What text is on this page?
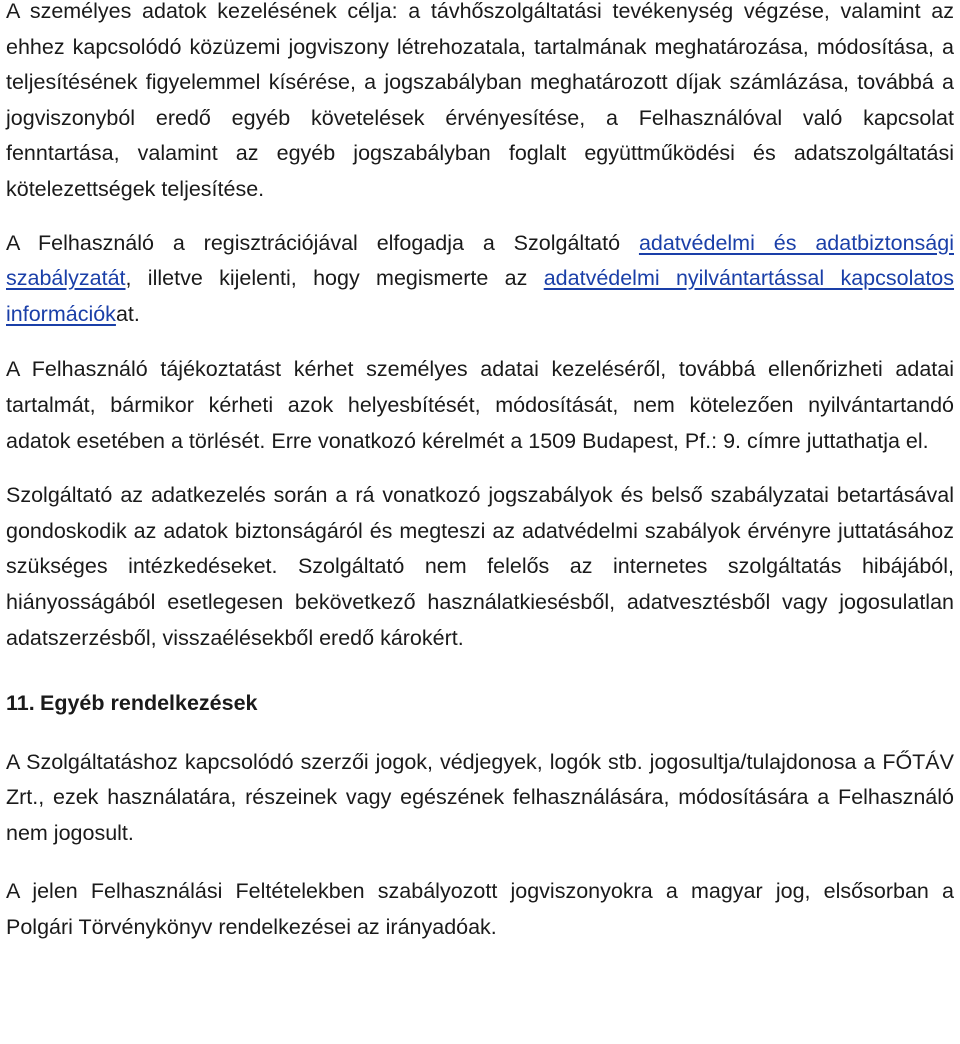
A személyes adatok kezelésének célja: a távhőszolgáltatási tevékenység végzése, valamint az ehhez kapcsolódó közüzemi jogviszony létrehozatala, tartalmának meghatározása, módosítása, a teljesítésének figyelemmel kísérése, a jogszabályban meghatározott díjak számlázása, továbbá a jogviszonyból eredő egyéb követelések érvényesítése, a Felhasználóval való kapcsolat fenntartása, valamint az egyéb jogszabályban foglalt együttműködési és adatszolgáltatási kötelezettségek teljesítése.

A Felhasználó a regisztrációjával elfogadja a Szolgáltató adatvédelmi és adatbiztonsági szabályzatát, illetve kijelenti, hogy megismerte az adatvédelmi nyilvántartással kapcsolatos információkat.

A Felhasználó tájékoztatást kérhet személyes adatai kezeléséről, továbbá ellenőrizheti adatai tartalmát, bármikor kérheti azok helyesbítését, módosítását, nem kötelezően nyilvántartandó adatok esetében a törlését. Erre vonatkozó kérelmét a 1509 Budapest, Pf.: 9. címre juttathatja el.

Szolgáltató az adatkezelés során a rá vonatkozó jogszabályok és belső szabályzatai betartásával gondoskodik az adatok biztonságáról és megteszi az adatvédelmi szabályok érvényre juttatásához szükséges intézkedéseket. Szolgáltató nem felelős az internetes szolgáltatás hibájából, hiányosságából esetlegesen bekövetkező használatkiesésből, adatvesztésből vagy jogosulatlan adatszerzésből, visszaélésekből eredő károkért.

11. Egyéb rendelkezések

A Szolgáltatáshoz kapcsolódó szerzői jogok, védjegyek, logók stb. jogosultja/tulajdonosa a FŐTÁV Zrt., ezek használatára, részeinek vagy egészének felhasználására, módosítására a Felhasználó nem jogosult.

A jelen Felhasználási Feltételekben szabályozott jogviszonyokra a magyar jog, elsősorban a Polgári Törvénykönyv rendelkezései az irányadóak.
